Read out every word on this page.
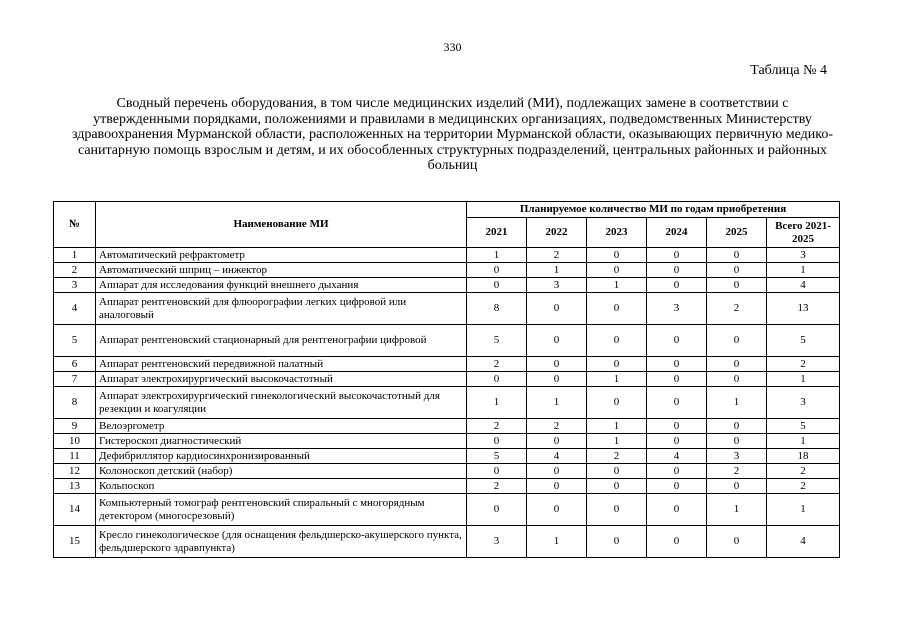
330
Таблица № 4
Сводный перечень оборудования, в том числе медицинских изделий (МИ), подлежащих замене в соответствии с утвержденными порядками, положениями и правилами в медицинских организациях, подведомственных Министерству здравоохранения Мурманской области, расположенных на территории Мурманской области, оказывающих первичную медико-санитарную помощь взрослым и детям, и их обособленных структурных подразделений, центральных районных и районных больниц
№	Наименование МИ	Планируемое количество МИ по годам приобретения					
		2021	2022	2023	2024	2025	Всего 2021-2025
1	Автоматический рефрактометр	1	2	0	0	0	3
2	Автоматический шприц – инжектор	0	1	0	0	0	1
3	Аппарат для исследования функций внешнего дыхания	0	3	1	0	0	4
4	Аппарат рентгеновский для флюорографии легких цифровой или аналоговый	8	0	0	3	2	13
5	Аппарат рентгеновский стационарный для рентгенографии цифровой	5	0	0	0	0	5
6	Аппарат рентгеновский передвижной палатный	2	0	0	0	0	2
7	Аппарат электрохирургический высокочастотный	0	0	1	0	0	1
8	Аппарат электрохирургический гинекологический высокочастотный для резекции и коагуляции	1	1	0	0	1	3
9	Велоэргометр	2	2	1	0	0	5
10	Гистероскоп диагностический	0	0	1	0	0	1
11	Дефибриллятор кардиосинхронизированный	5	4	2	4	3	18
12	Колоноскоп детский (набор)	0	0	0	0	2	2
13	Кольпоскоп	2	0	0	0	0	2
14	Компьютерный томограф рентгеновский спиральный с многорядным детектором (многосрезовый)	0	0	0	0	1	1
15	Кресло гинекологическое (для оснащения фельдшерско-акушерского пункта, фельдшерского здравпункта)	3	1	0	0	0	4
